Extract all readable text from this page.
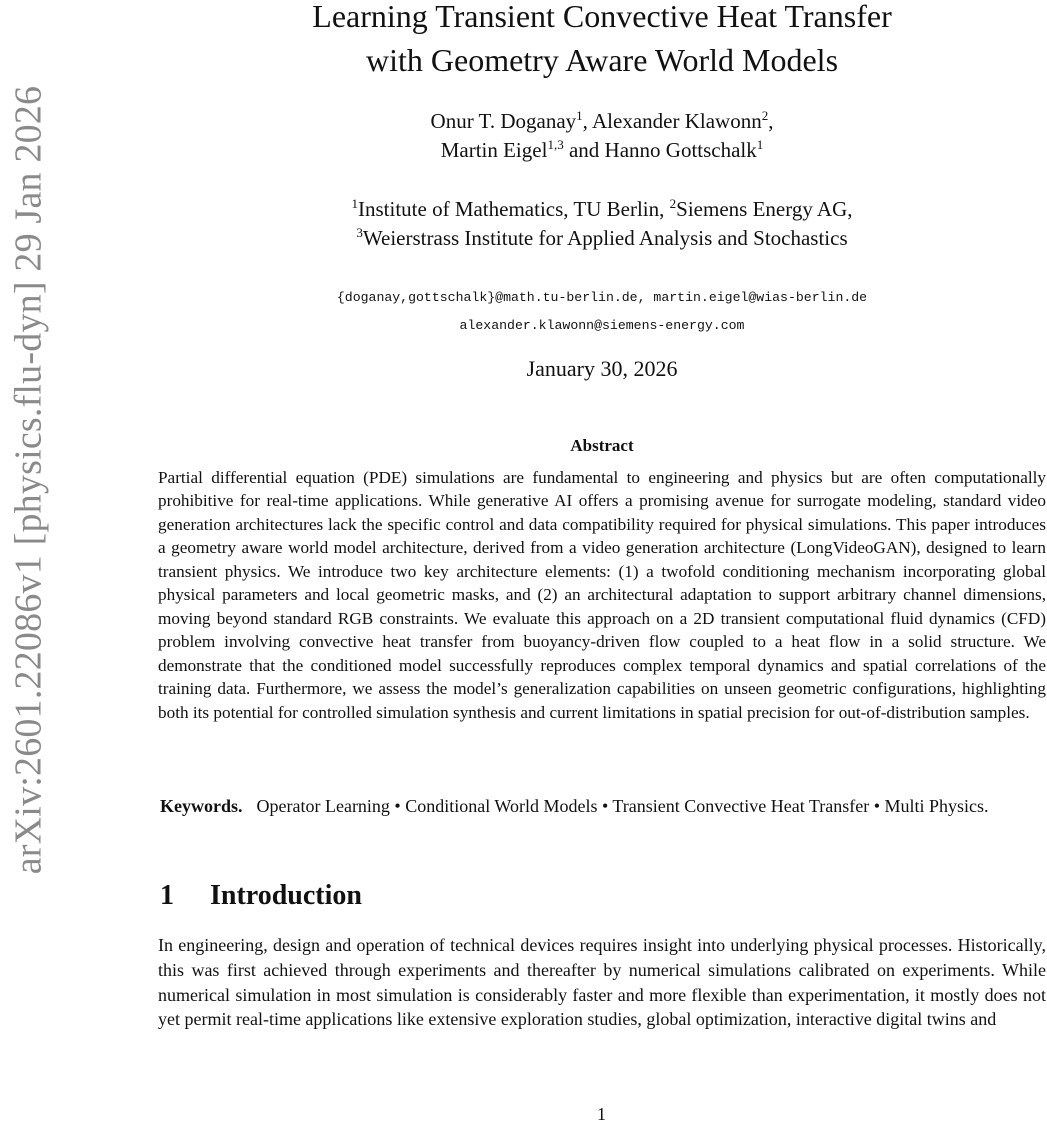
arXiv:2601.22086v1 [physics.flu-dyn] 29 Jan 2026
Learning Transient Convective Heat Transfer
with Geometry Aware World Models
Onur T. Doganay$^1$, Alexander Klawonn$^2$,
Martin Eigel$^{1,3}$ and Hanno Gottschalk$^1$
$^1$Institute of Mathematics, TU Berlin, $^2$Siemens Energy AG,
$^3$Weierstrass Institute for Applied Analysis and Stochastics
{doganay,gottschalk}@math.tu-berlin.de, martin.eigel@wias-berlin.de
alexander.klawonn@siemens-energy.com
January 30, 2026
Abstract
Partial differential equation (PDE) simulations are fundamental to engineering and physics but are often computationally prohibitive for real-time applications. While generative AI offers a promising avenue for surrogate modeling, standard video generation architectures lack the specific control and data compatibility required for physical simulations. This paper introduces a geometry aware world model architecture, derived from a video generation architecture (LongVideoGAN), designed to learn transient physics. We introduce two key architecture elements: (1) a twofold conditioning mechanism incorporating global physical parameters and local geometric masks, and (2) an architectural adaptation to support arbitrary channel dimensions, moving beyond standard RGB constraints. We evaluate this approach on a 2D transient computational fluid dynamics (CFD) problem involving convective heat transfer from buoyancy-driven flow coupled to a heat flow in a solid structure. We demonstrate that the conditioned model successfully reproduces complex temporal dynamics and spatial correlations of the training data. Furthermore, we assess the model’s generalization capabilities on unseen geometric configurations, highlighting both its potential for controlled simulation synthesis and current limitations in spatial precision for out-of-distribution samples.
Keywords. Operator Learning • Conditional World Models • Transient Convective Heat Transfer • Multi Physics.
1 Introduction
In engineering, design and operation of technical devices requires insight into underlying physical processes. Historically, this was first achieved through experiments and thereafter by numerical simulations calibrated on experiments. While numerical simulation in most simulation is considerably faster and more flexible than experimentation, it mostly does not yet permit real-time applications like extensive exploration studies, global optimization, interactive digital twins and
1
